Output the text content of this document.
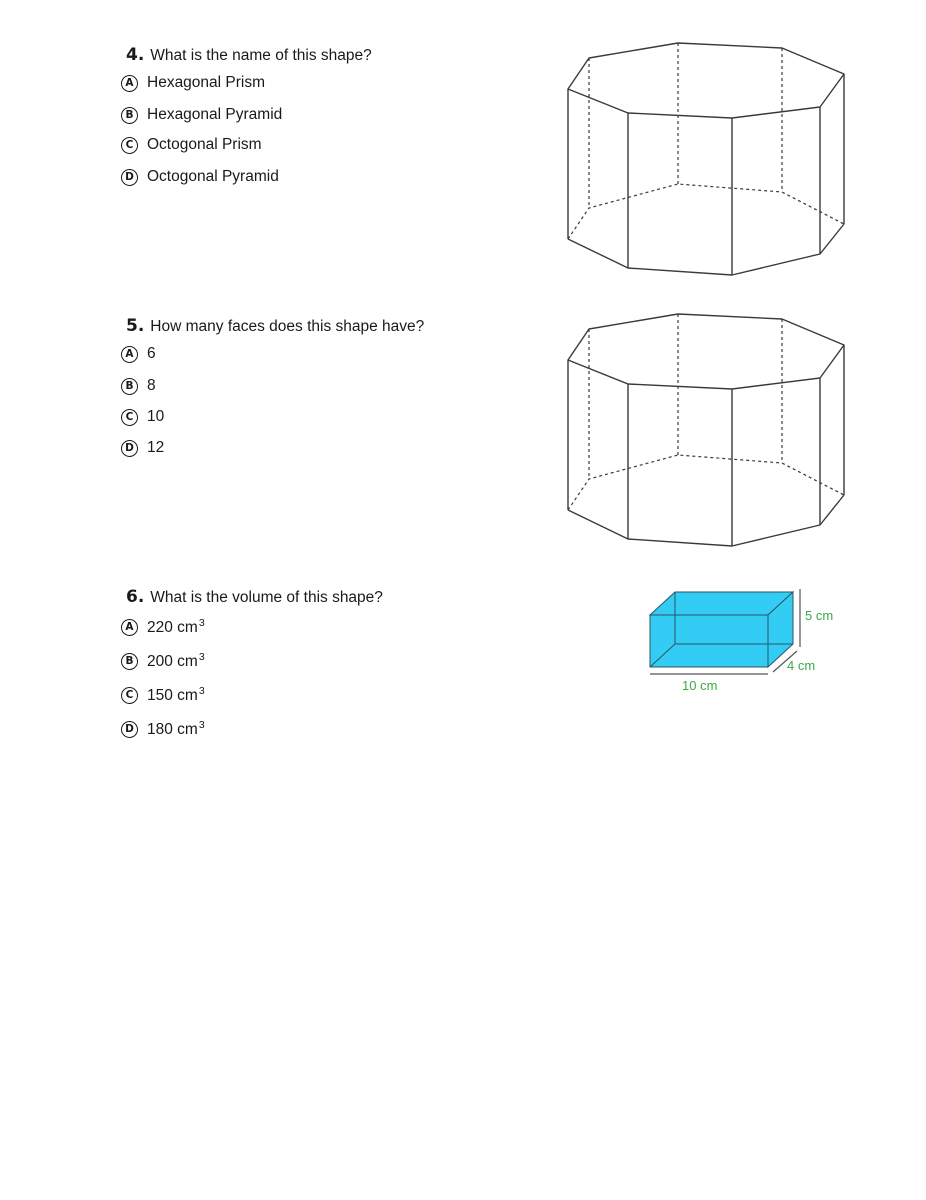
4. What is the name of this shape?
A Hexagonal Prism
B Hexagonal Pyramid
C Octogonal Prism
D Octogonal Pyramid
5. How many faces does this shape have?
A 6
B 8
C 10
D 12
6. What is the volume of this shape?
A 220 $cm^3$
B 200 $cm^3$
C 150 $cm^3$
D 180 $cm^3$
5 cm
4 cm
10 cm
